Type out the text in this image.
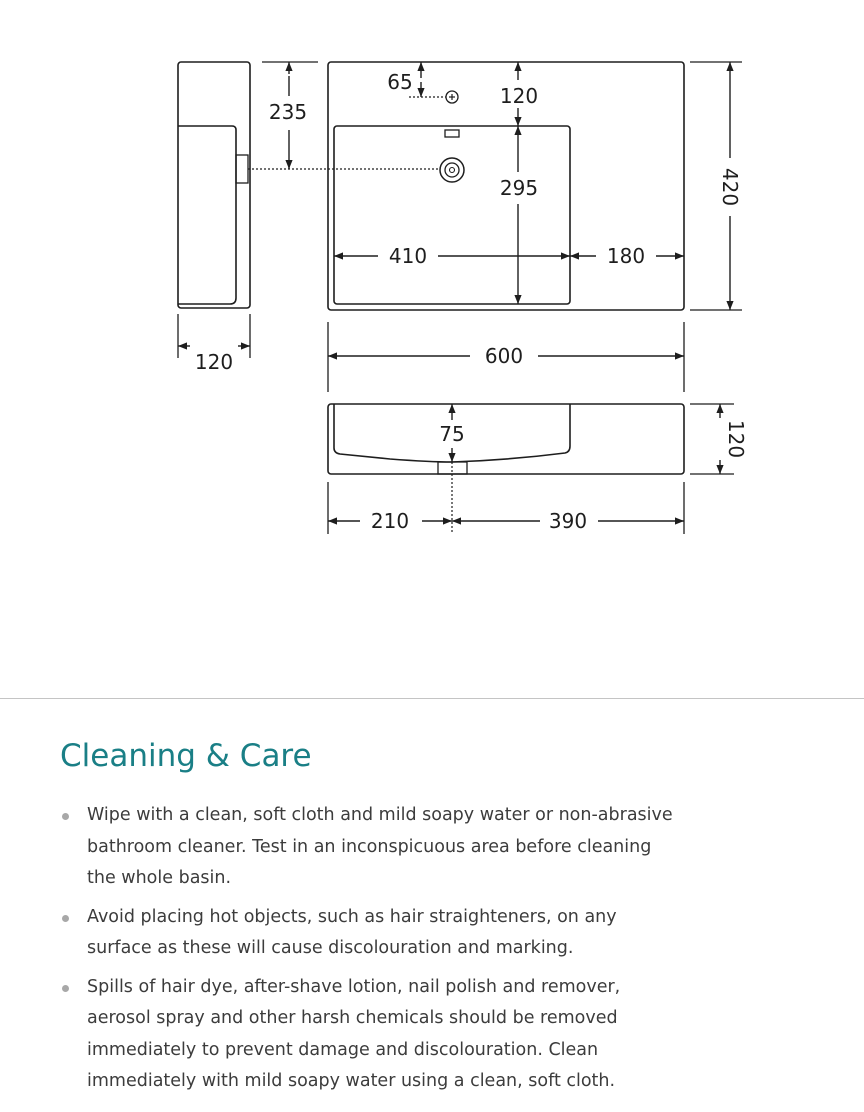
235
120
65
120
295
410	180
420
600
75	120
210	390
Cleaning & Care
Wipe with a clean, soft cloth and mild soapy water or non-abrasive bathroom cleaner. Test in an inconspicuous area before cleaning the whole basin.
Avoid placing hot objects, such as hair straighteners, on any surface as these will cause discolouration and marking.
Spills of hair dye, after-shave lotion, nail polish and remover, aerosol spray and other harsh chemicals should be removed immediately to prevent damage and discolouration. Clean immediately with mild soapy water using a clean, soft cloth.
